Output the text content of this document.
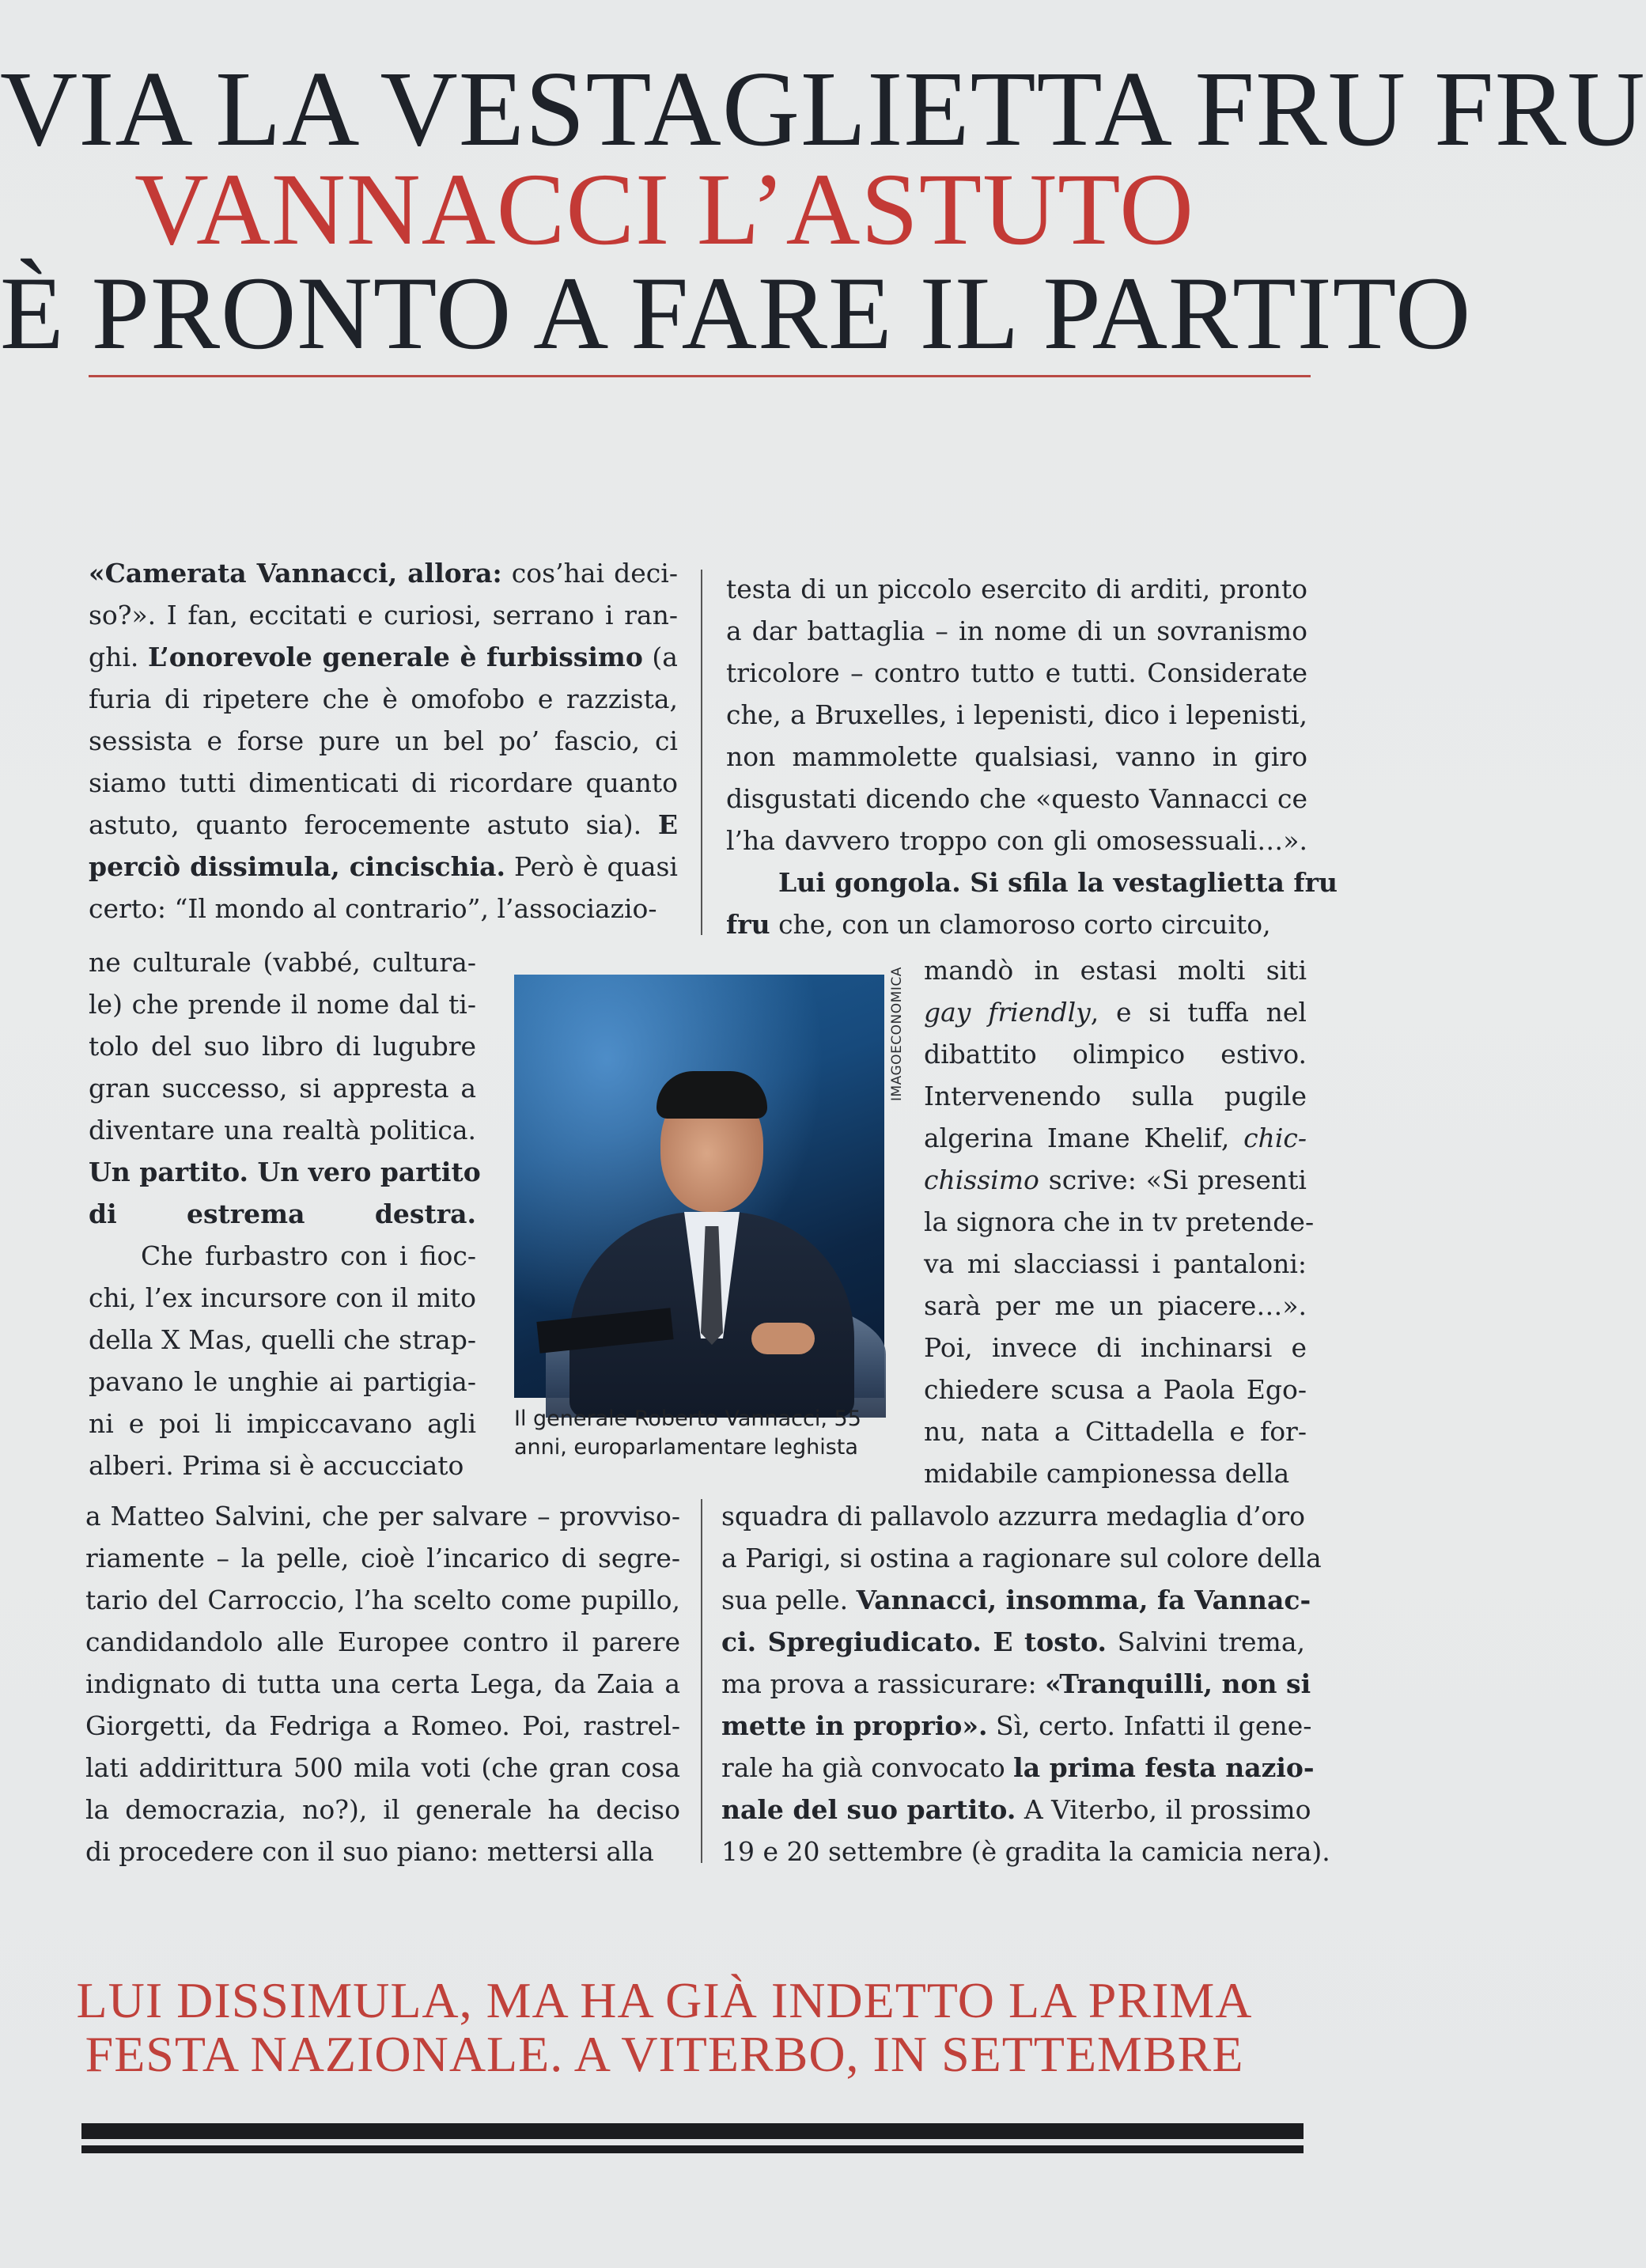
VIA LA VESTAGLIETTA FRU FRU
VANNACCI L’ASTUTO
È PRONTO A FARE IL PARTITO
«Camerata Vannacci, allora: cos’hai deci-
so?». I fan, eccitati e curiosi, serrano i ran-
ghi. L’onorevole generale è furbissimo (a
furia di ripetere che è omofobo e razzista,
sessista e forse pure un bel po’ fascio, ci
siamo tutti dimenticati di ricordare quanto
astuto, quanto ferocemente astuto sia). E
perciò dissimula, cincischia. Però è quasi
certo: “Il mondo al contrario”, l’associazio-
ne culturale (vabbé, cultura-
le) che prende il nome dal ti-
tolo del suo libro di lugubre
gran successo, si appresta a
diventare una realtà politica.
Un partito. Un vero partito
di estrema destra.
  Che furbastro con i fioc-
chi, l’ex incursore con il mito
della X Mas, quelli che strap-
pavano le unghie ai partigia-
ni e poi li impiccavano agli
alberi. Prima si è accucciato
a Matteo Salvini, che per salvare – provviso-
riamente – la pelle, cioè l’incarico di segre-
tario del Carroccio, l’ha scelto come pupillo,
candidandolo alle Europee contro il parere
indignato di tutta una certa Lega, da Zaia a
Giorgetti, da Fedriga a Romeo. Poi, rastrel-
latі addirittura 500 mila voti (che gran cosa
la democrazia, no?), il generale ha deciso
di procedere con il suo piano: mettersi alla
testa di un piccolo esercito di arditi, pronto
a dar battaglia – in nome di un sovranismo
tricolore – contro tutto e tutti. Considerate
che, a Bruxelles, i lepenisti, dico i lepenisti,
non mammolette qualsiasi, vanno in giro
disgustati dicendo che «questo Vannacci ce
l’ha davvero troppo con gli omosessuali…».
  Lui gongola. Si sfila la vestaglietta fru
fru che, con un clamoroso corto circuito,
mandò in estasi molti siti
gay friendly, e si tuffa nel
dibattito olimpico estivo.
Intervenendo sulla pugile
algerina Imane Khelif, chic-
chissimo scrive: «Si presenti
la signora che in tv pretende-
va mi slacciassi i pantaloni:
sarà per me un piacere…».
Poi, invece di inchinarsi e
chiedere scusa a Paola Ego-
nu, nata a Cittadella e for-
midabile campionessa della
squadra di pallavolo azzurra medaglia d’oro
a Parigi, si ostina a ragionare sul colore della
sua pelle. Vannacci, insomma, fa Vannac-
ci. Spregiudicato. E tosto. Salvini trema,
ma prova a rassicurare: «Tranquilli, non si
mette in proprio». Sì, certo. Infatti il gene-
rale ha già convocato la prima festa nazio-
nale del suo partito. A Viterbo, il prossimo
19 e 20 settembre (è gradita la camicia nera).
IMAGOECONOMICA
Il generale Roberto Vannacci, 55 anni, europarlamentare leghista
LUI DISSIMULA, MA HA GIÀ INDETTO LA PRIMA
FESTA NAZIONALE. A VITERBO, IN SETTEMBRE
